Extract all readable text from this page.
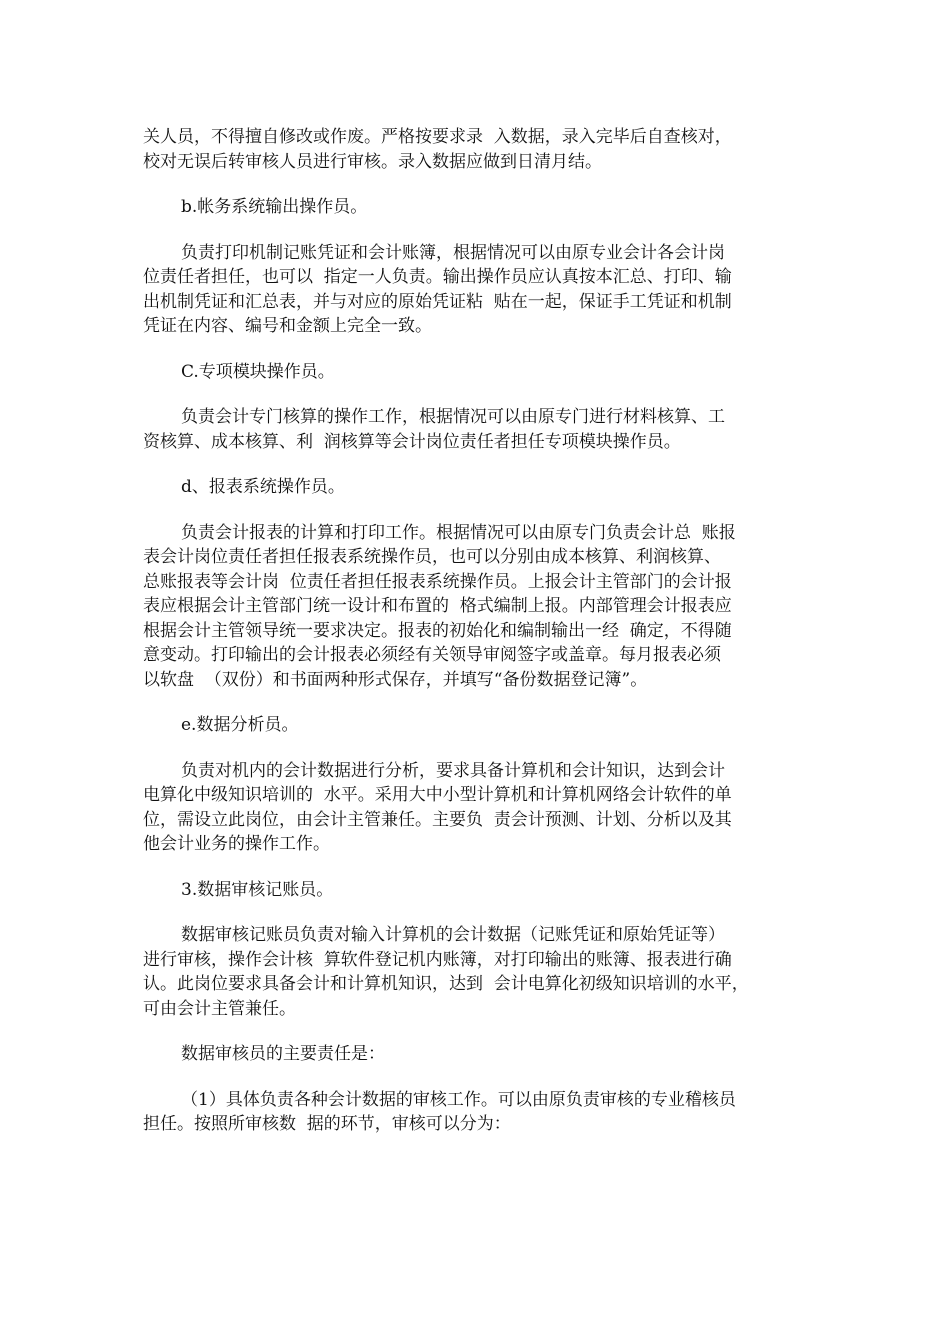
关人员，不得擅自修改或作废。严格按要求录  入数据，录入完毕后自查核对，
校对无误后转审核人员进行审核。录入数据应做到日清月结。
b.帐务系统输出操作员。
负责打印机制记账凭证和会计账簿，根据情况可以由原专业会计各会计岗
位责任者担任，也可以  指定一人负责。输出操作员应认真按本汇总、打印、输
出机制凭证和汇总表，并与对应的原始凭证粘  贴在一起，保证手工凭证和机制
凭证在内容、编号和金额上完全一致。
C.专项模块操作员。
负责会计专门核算的操作工作，根据情况可以由原专门进行材料核算、工
资核算、成本核算、利  润核算等会计岗位责任者担任专项模块操作员。
d、报表系统操作员。
负责会计报表的计算和打印工作。根据情况可以由原专门负责会计总  账报
表会计岗位责任者担任报表系统操作员，也可以分别由成本核算、利润核算、
总账报表等会计岗  位责任者担任报表系统操作员。上报会计主管部门的会计报
表应根据会计主管部门统一设计和布置的  格式编制上报。内部管理会计报表应
根据会计主管领导统一要求决定。报表的初始化和编制输出一经  确定，不得随
意变动。打印输出的会计报表必须经有关领导审阅签字或盖章。每月报表必须
以软盘  （双份）和书面两种形式保存，并填写“备份数据登记簿”。
e.数据分析员。
负责对机内的会计数据进行分析，要求具备计算机和会计知识，达到会计
电算化中级知识培训的  水平。采用大中小型计算机和计算机网络会计软件的单
位，需设立此岗位，由会计主管兼任。主要负  责会计预测、计划、分析以及其
他会计业务的操作工作。
3.数据审核记账员。
数据审核记账员负责对输入计算机的会计数据（记账凭证和原始凭证等）
进行审核，操作会计核  算软件登记机内账簿，对打印输出的账簿、报表进行确
认。此岗位要求具备会计和计算机知识，达到  会计电算化初级知识培训的水平，
可由会计主管兼任。
数据审核员的主要责任是：
（1）具体负责各种会计数据的审核工作。可以由原负责审核的专业稽核员
担任。按照所审核数  据的环节，审核可以分为：
